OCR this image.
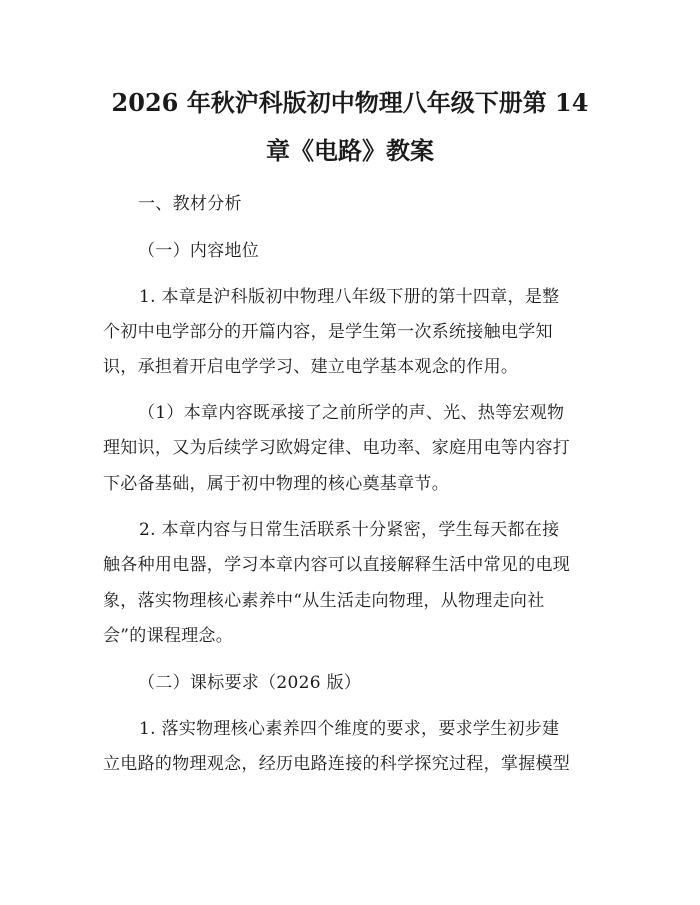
2026 年秋沪科版初中物理八年级下册第 14
章《电路》教案

一、教材分析

（一）内容地位

1. 本章是沪科版初中物理八年级下册的第十四章，是整

个初中电学部分的开篇内容，是学生第一次系统接触电学知

识，承担着开启电学学习、建立电学基本观念的作用。

（1）本章内容既承接了之前所学的声、光、热等宏观物

理知识，又为后续学习欧姆定律、电功率、家庭用电等内容打

下必备基础，属于初中物理的核心奠基章节。

2. 本章内容与日常生活联系十分紧密，学生每天都在接

触各种用电器，学习本章内容可以直接解释生活中常见的电现

象，落实物理核心素养中“从生活走向物理，从物理走向社

会”的课程理念。

（二）课标要求（2026 版）

1. 落实物理核心素养四个维度的要求，要求学生初步建

立电路的物理观念，经历电路连接的科学探究过程，掌握模型
